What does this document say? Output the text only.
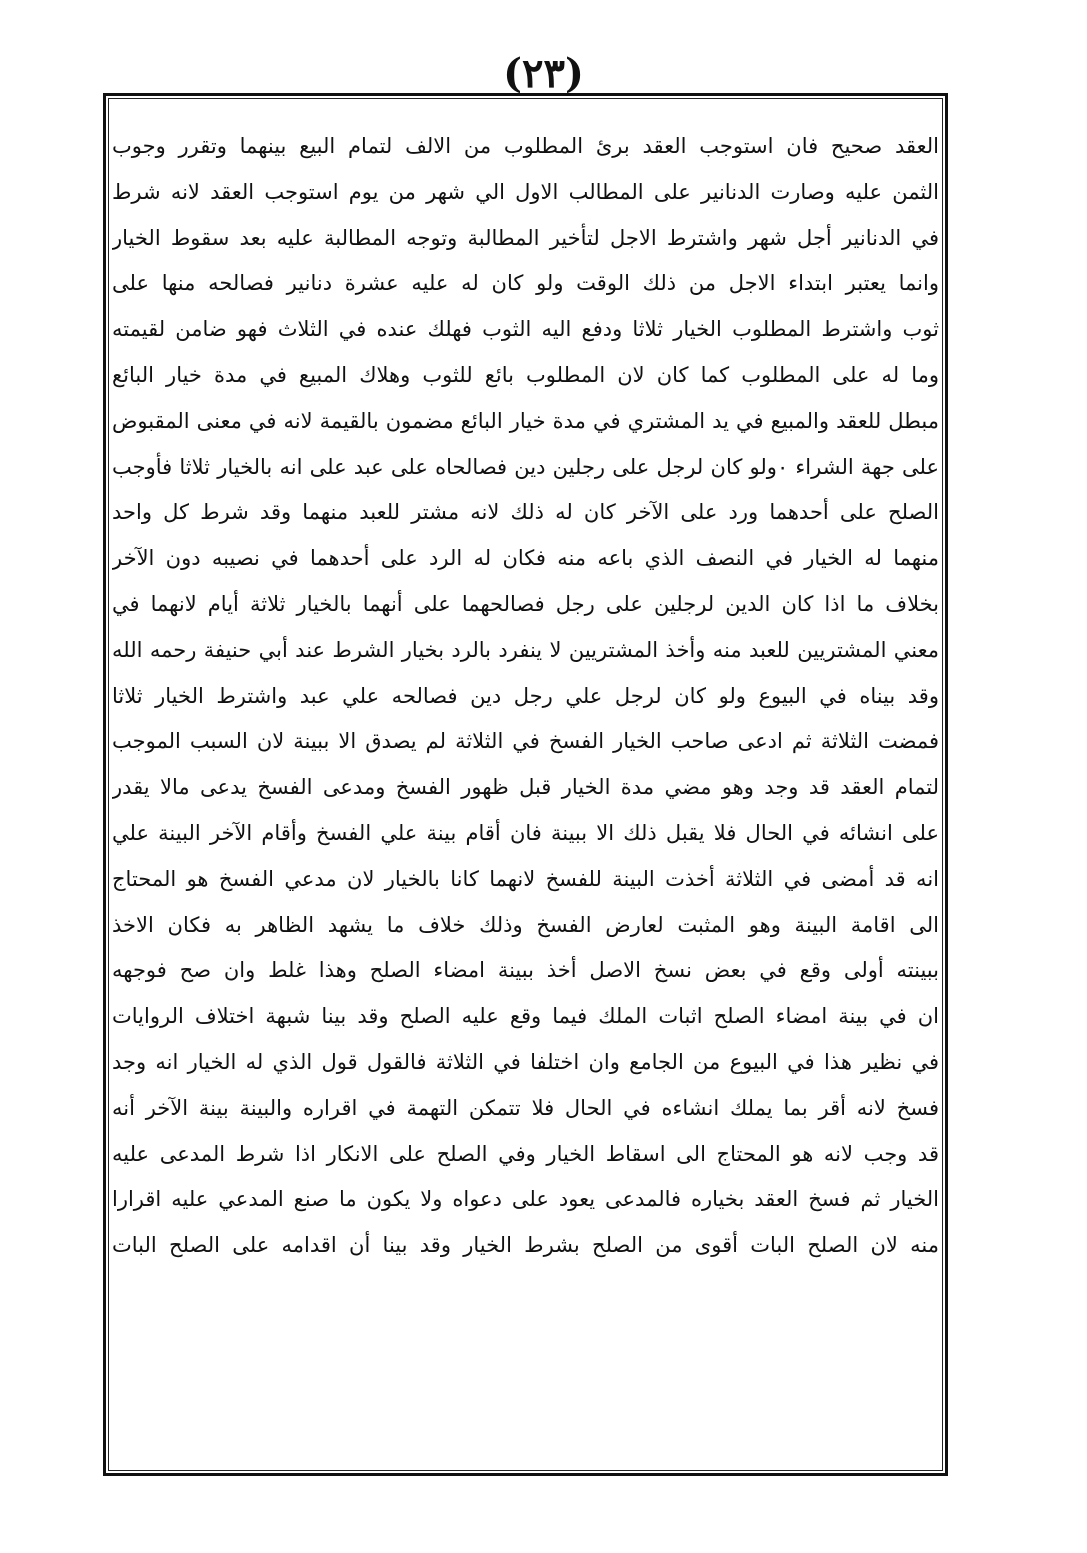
(٢٣)
العقد صحيح فان استوجب العقد برئ المطلوب من الالف لتمام البيع بينهما وتقرر وجوب
الثمن عليه وصارت الدنانير على المطالب الاول الي شهر من يوم استوجب العقد لانه شرط
في الدنانير أجل شهر واشترط الاجل لتأخير المطالبة وتوجه المطالبة عليه بعد سقوط الخيار
وانما يعتبر ابتداء الاجل من ذلك الوقت ولو كان له عليه عشرة دنانير فصالحه منها على
ثوب واشترط المطلوب الخيار ثلاثا ودفع اليه الثوب فهلك عنده في الثلاث فهو ضامن لقيمته
وما له على المطلوب كما كان لان المطلوب بائع للثوب وهلاك المبيع في مدة خيار البائع
مبطل للعقد والمبيع في يد المشتري في مدة خيار البائع مضمون بالقيمة لانه في معنى المقبوض
على جهة الشراء ٠ولو كان لرجل على رجلين دين فصالحاه على عبد على انه بالخيار ثلاثا فأوجب
الصلح على أحدهما ورد على الآخر كان له ذلك لانه مشتر للعبد منهما وقد شرط كل واحد
منهما له الخيار في النصف الذي باعه منه فكان له الرد على أحدهما في نصيبه دون الآخر
بخلاف ما اذا كان الدين لرجلين على رجل فصالحهما على أنهما بالخيار ثلاثة أيام لانهما في
معني المشتريين للعبد منه وأخذ المشتريين لا ينفرد بالرد بخيار الشرط عند أبي حنيفة رحمه الله
وقد بيناه في البيوع ولو كان لرجل علي رجل دين فصالحه علي عبد واشترط الخيار ثلاثا
فمضت الثلاثة ثم ادعى صاحب الخيار الفسخ في الثلاثة لم يصدق الا ببينة لان السبب الموجب
لتمام العقد قد وجد وهو مضي مدة الخيار قبل ظهور الفسخ ومدعى الفسخ يدعى مالا يقدر
على انشائه في الحال فلا يقبل ذلك الا ببينة فان أقام بينة علي الفسخ وأقام الآخر البينة علي
انه قد أمضى في الثلاثة أخذت البينة للفسخ لانهما كانا بالخيار لان مدعي الفسخ هو المحتاج
الى اقامة البينة وهو المثبت لعارض الفسخ وذلك خلاف ما يشهد الظاهر به فكان الاخذ
ببينته أولى وقع في بعض نسخ الاصل أخذ ببينة امضاء الصلح وهذا غلط وان صح فوجهه
ان في بينة امضاء الصلح اثبات الملك فيما وقع عليه الصلح وقد بينا شبهة اختلاف الروايات
في نظير هذا في البيوع من الجامع وان اختلفا في الثلاثة فالقول قول الذي له الخيار انه وجد
فسخ لانه أقر بما يملك انشاءه في الحال فلا تتمكن التهمة في اقراره والبينة بينة الآخر أنه
قد وجب لانه هو المحتاج الى اسقاط الخيار وفي الصلح على الانكار اذا شرط المدعى عليه
الخيار ثم فسخ العقد بخياره فالمدعى يعود على دعواه ولا يكون ما صنع المدعي عليه اقرارا
منه لان الصلح البات أقوى من الصلح بشرط الخيار وقد بينا أن اقدامه على الصلح البات
